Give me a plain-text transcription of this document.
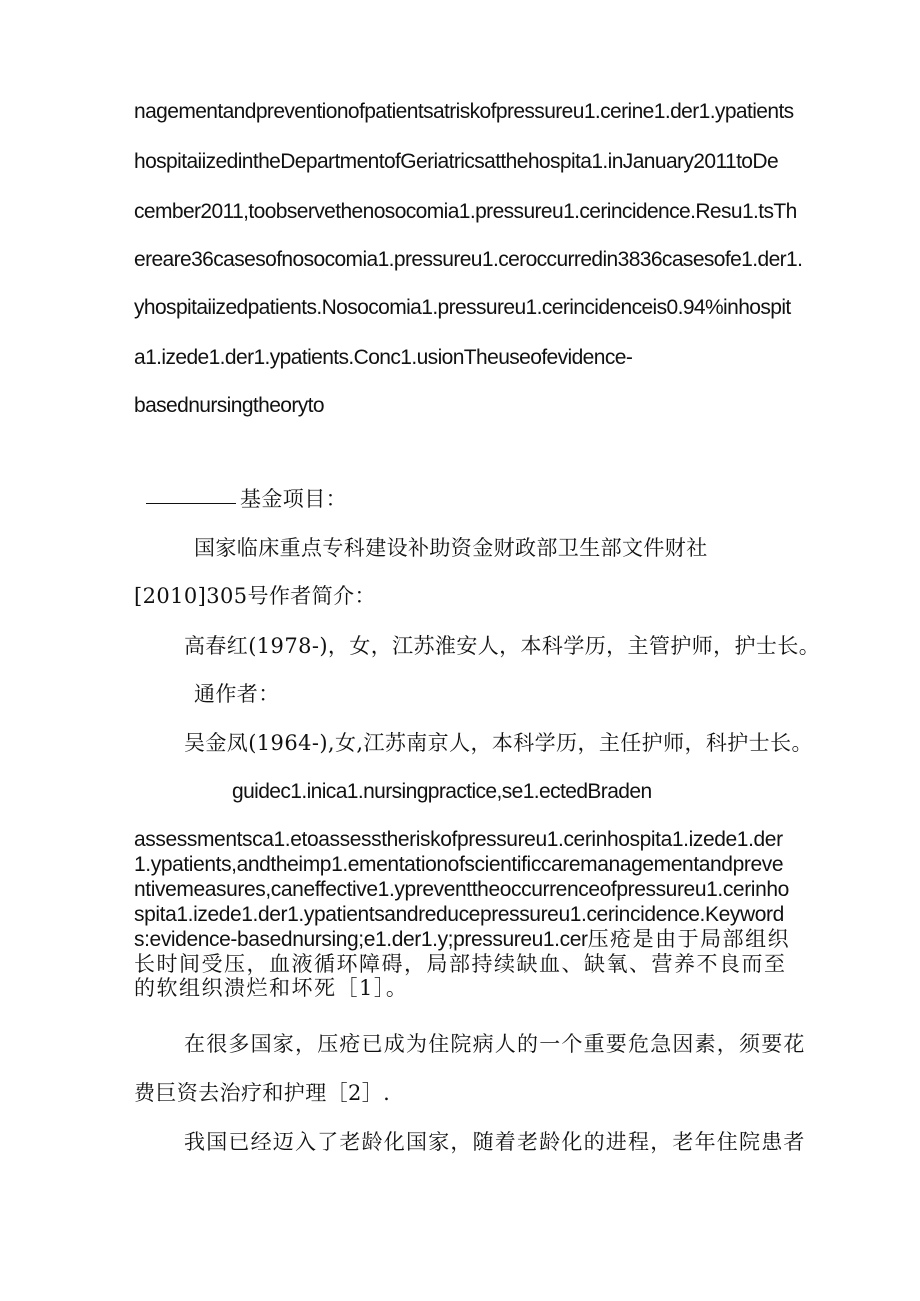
nagementandpreventionofpatientsatriskofpressureu1.cerine1.der1.ypatients
hospitaiizedintheDepartmentofGeriatricsatthehospita1.inJanuary2011toDe
cember2011,toobservethenosocomia1.pressureu1.cerincidence.Resu1.tsTh
ereare36casesofnosocomia1.pressureu1.ceroccurredin3836casesofe1.der1.
yhospitaiizedpatients.Nosocomia1.pressureu1.cerincidenceis0.94%inhospit
a1.izede1.der1.ypatients.Conc1.usionTheuseofevidence-
basednursingtheoryto
基金项目：
国家临床重点专科建设补助资金财政部卫生部文件财社
[2010]305号作者简介：
高春红(1978-)，女，江苏淮安人，本科学历，主管护师，护士长。
通作者：
吴金凤(1964-),女,江苏南京人，本科学历，主任护师，科护士长。
guidec1.inica1.nursingpractice,se1.ectedBraden

assessmentsca1.etoassesstheriskofpressureu1.cerinhospita1.izede1.der1.ypatients,andtheimp1.ementationofscientificcaremanagementandpreventivemeasures,caneffective1.ypreventtheoccurrenceofpressureu1.cerinhospita1.izede1.der1.ypatientsandreducepressureu1.cerincidence.Keywords:evidence-basednursing;e1.der1.y;pressureu1.cer压疮是由于局部组织长时间受压，血液循环障碍，局部持续缺血、缺氧、营养不良而至的软组织溃烂和坏死［1］。

在很多国家，压疮已成为住院病人的一个重要危急因素，须要花
费巨资去治疗和护理［2］.
我国已经迈入了老龄化国家，随着老龄化的进程，老年住院患者
